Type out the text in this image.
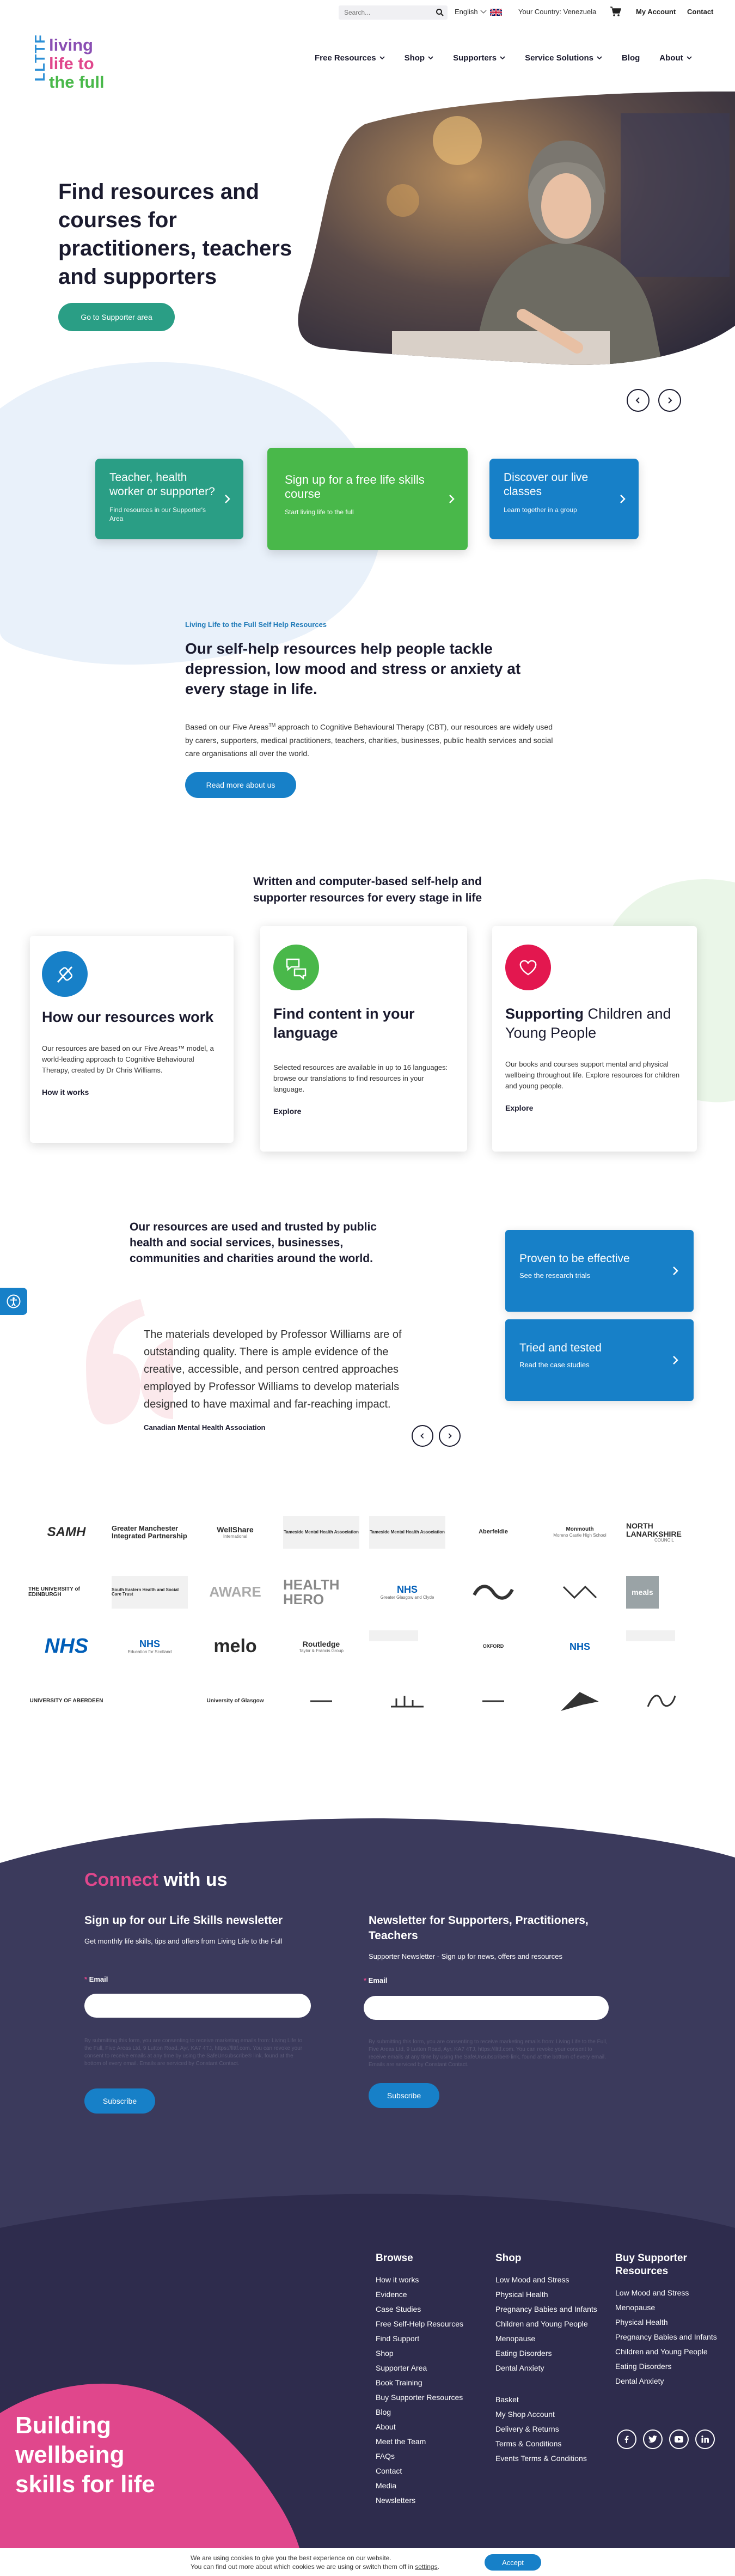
Search...
English	Your Country: Venezuela	My Account Contact
LLTTF living
life to
the full
Free Resources	Shop	Supporters	Service Solutions	Blog About
Find resources and courses for practitioners, teachers and supporters
Go to Supporter area
Teacher, health worker or supporter?
Find resources in our Supporter's Area
Sign up for a free life skills course
Start living life to the full
Discover our live classes
Learn together in a group
Living Life to the Full Self Help Resources
Our self-help resources help people tackle depression, low mood and stress or anxiety at every stage in life.

Based on our Five Areas™ approach to Cognitive Behavioural Therapy (CBT), our resources are widely used by carers, supporters, medical practitioners, teachers, charities, businesses, public health services and social care organisations all over the world.

Read more about us
Written and computer-based self-help and supporter resources for every stage in life
How our resources work
Our resources are based on our Five Areas™ model, a world-leading approach to Cognitive Behavioural Therapy, created by Dr Chris Williams.
How it works
Find content in your language
Selected resources are available in up to 16 languages: browse our translations to find resources in your language.
Explore
Supporting Children and Young People
Our books and courses support mental and physical wellbeing throughout life. Explore resources for children and young people.
Explore
Our resources are used and trusted by public health and social services, businesses, communities and charities around the world.

The materials developed by Professor Williams are of outstanding quality. There is ample evidence of the creative, accessible, and person centred approaches employed by Professor Williams to develop materials designed to have maximal and far-reaching impact.

Canadian Mental Health Association

Proven to be effective
See the research trials
Tried and tested
Read the case studies
SAMH	Greater Manchester Integrated Partnership
WellShare
International
Tameside Mental Health Association	Tameside Mental Health Association	Aberfeldie	Monmouth
Moreno Castle High School
NORTH LANARKSHIRE
COUNCIL
THE UNIVERSITY of EDINBURGH
South Eastern Health and Social Care Trust	AWARE HEALTH HERO
NHS
Greater Glasgow and Clyde
meals
NHS	NHS
Education for Scotland melo	Routledge
Taylor & Francis Group
OXFORD	NHS
UNIVERSITY OF ABERDEEN	University of Glasgow
Connect with us
Sign up for our Life Skills newsletter

Get monthly life skills, tips and offers from Living Life to the Full

* Email

By submitting this form, you are consenting to receive marketing emails from: Living Life to the Full, Five Areas Ltd, 9 Lutton Road, Ayr, KA7 4TJ, https://llttf.com. You can revoke your consent to receive emails at any time by using the SafeUnsubscribe® link, found at the bottom of every email. Emails are serviced by Constant Contact.

Subscribe
Newsletter for Supporters, Practitioners, Teachers

Supporter Newsletter - Sign up for news, offers and resources

* Email

By submitting this form, you are consenting to receive marketing emails from: Living Life to the Full, Five Areas Ltd, 9 Lutton Road, Ayr, KA7 4TJ, https://llttf.com. You can revoke your consent to receive emails at any time by using the SafeUnsubscribe® link, found at the bottom of every email. Emails are serviced by Constant Contact.

Subscribe
Building wellbeing skills for life
Browse
How it works
Evidence
Case Studies
Free Self-Help Resources
Find Support
Shop
Supporter Area
Book Training
Buy Supporter Resources
Blog
About
Meet the Team
FAQs
Contact
Media
Newsletters
Shop
Low Mood and Stress
Physical Health
Pregnancy Babies and Infants
Children and Young People
Menopause
Eating Disorders
Dental Anxiety
Basket
My Shop Account
Delivery & Returns
Terms & Conditions
Events Terms & Conditions
Buy Supporter Resources
Low Mood and Stress
Menopause
Physical Health
Pregnancy Babies and Infants
Children and Young People
Eating Disorders
Dental Anxiety

We are using cookies to give you the best experience on our website.
You can find out more about which cookies we are using or switch them off in settings.

Accept
